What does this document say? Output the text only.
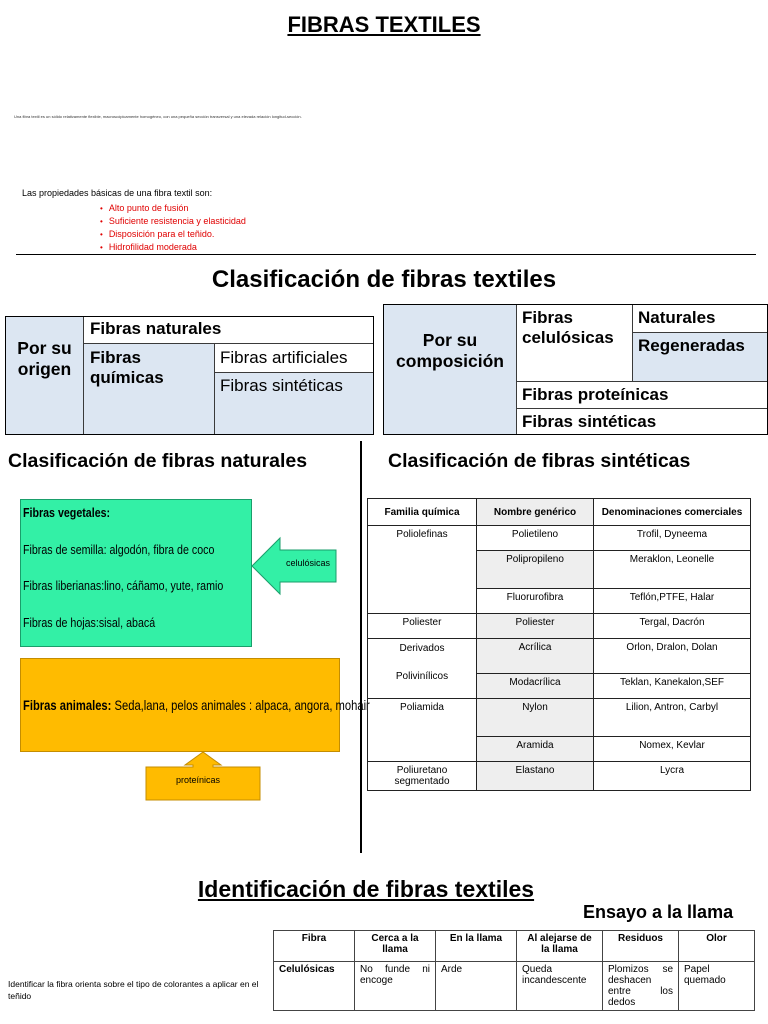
FIBRAS TEXTILES
Una fibra textil es un sólido relativamente flexible, macroscópicamente homogéneo, con una pequeña sección transversal y una elevada relación longitud-sección.
Las propiedades básicas de una fibra textil son:
• Alto punto de fusión
• Suficiente resistencia y elasticidad
• Disposición para el teñido.
• Hidrofilidad moderada
Clasificación de fibras textiles
Por su origen
Fibras naturales
Fibras químicas
Fibras artificiales
Fibras sintéticas
Por su composición
Fibras celulósicas
Naturales
Regeneradas
Fibras proteínicas
Fibras sintéticas
Clasificación de fibras naturales
Fibras vegetales:
Fibras de semilla: algodón, fibra de coco
Fibras liberianas:lino, cáñamo, yute, ramio
Fibras de hojas:sisal, abacá
celulósicas
Fibras animales: Seda,lana, pelos animales : alpaca, angora, mohair
proteínicas
Clasificación de fibras sintéticas
Familia química	Nombre genérico	Denominaciones comerciales
Poliolefinas	Polietileno	Trofil, Dyneema
	Polipropileno	Meraklon, Leonelle
	Fluorurofibra	Teflón,PTFE, Halar
Poliester	Poliester	Tergal, Dacrón

Derivados
Polivinílicos	Acrílica	Orlon, Dralon, Dolan
	Modacrílica	Teklan, Kanekalon,SEF
Poliamida	Nylon	Lilion, Antron, Carbyl
	Aramida	Nomex, Kevlar
Poliuretano segmentado	Elastano	Lycra
Identificación de fibras textiles
Ensayo a la llama
Identificar la fibra orienta sobre el tipo de colorantes a aplicar en el teñido
Fibra	Cerca a la llama	En la llama	Al alejarse de la llama	Residuos	Olor
Celulósicas	No funde ni encoge	Arde	Queda incandescente	Plomizos se deshacen entre los dedos	Papel quemado
